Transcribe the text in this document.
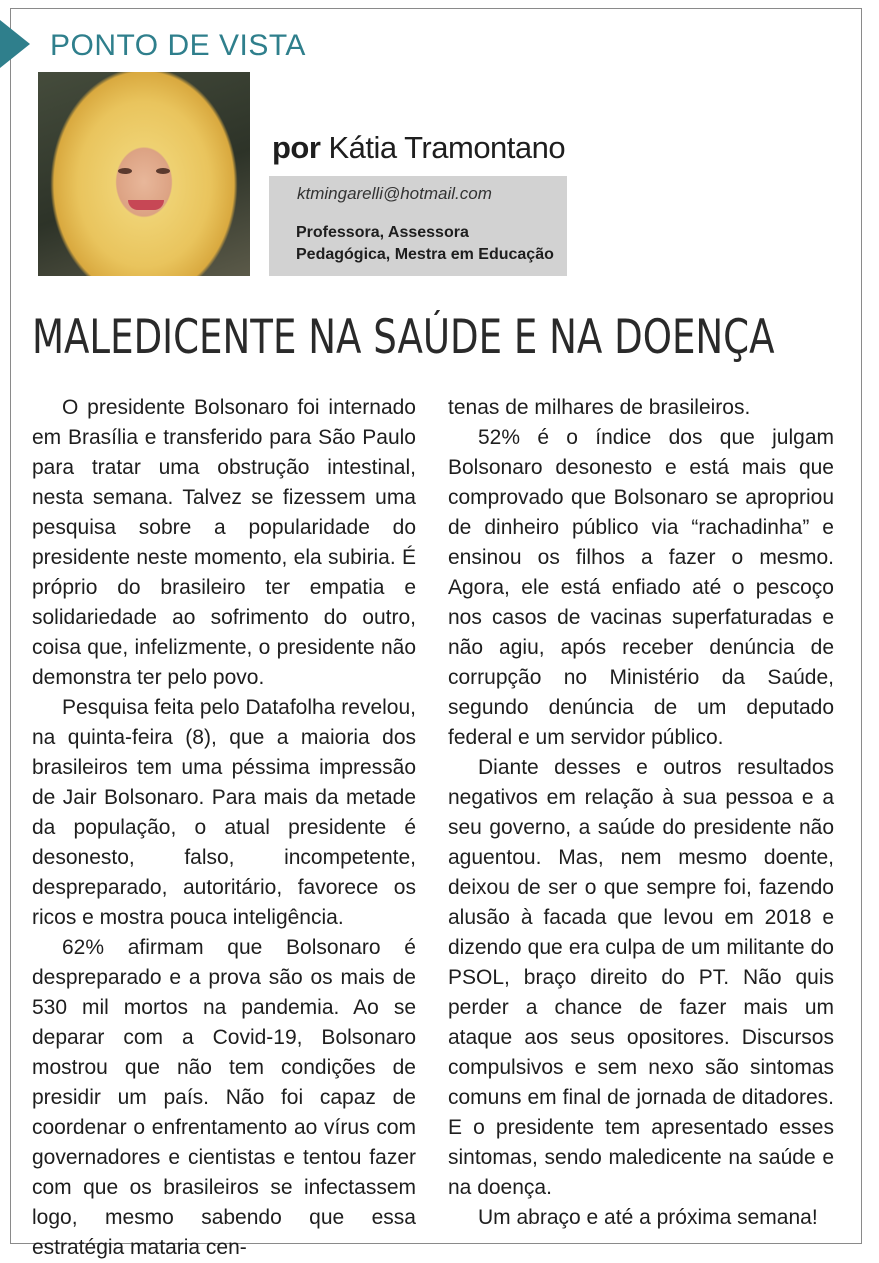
PONTO DE VISTA
por Kátia Tramontano
ktmingarelli@hotmail.com
Professora, Assessora
Pedagógica, Mestra em Educação
MALEDICENTE NA SAÚDE E NA DOENÇA

O presidente Bolsonaro foi internado em Brasília e transferido para São Paulo para tratar uma obstrução intestinal, nesta semana. Talvez se fizessem uma pesquisa sobre a popularidade do presidente neste momento, ela subiria. É próprio do brasileiro ter empatia e solidariedade ao sofrimento do outro, coisa que, infelizmente, o presidente não demonstra ter pelo povo.

Pesquisa feita pelo Datafolha revelou, na quinta-feira (8), que a maioria dos brasileiros tem uma péssima impressão de Jair Bolsonaro. Para mais da metade da população, o atual presidente é desonesto, falso, incompetente, despreparado, autoritário, favorece os ricos e mostra pouca inteligência.

62% afirmam que Bolsonaro é despreparado e a prova são os mais de 530 mil mortos na pandemia. Ao se deparar com a Covid-19, Bolsonaro mostrou que não tem condições de presidir um país. Não foi capaz de coordenar o enfrentamento ao vírus com governadores e cientistas e tentou fazer com que os brasileiros se infectassem logo, mesmo sabendo que essa estratégia mataria cen-

tenas de milhares de brasileiros.

52% é o índice dos que julgam Bolsonaro desonesto e está mais que comprovado que Bolsonaro se apropriou de dinheiro público via “rachadinha” e ensinou os filhos a fazer o mesmo. Agora, ele está enfiado até o pescoço nos casos de vacinas superfaturadas e não agiu, após receber denúncia de corrupção no Ministério da Saúde, segundo denúncia de um deputado federal e um servidor público.

Diante desses e outros resultados negativos em relação à sua pessoa e a seu governo, a saúde do presidente não aguentou. Mas, nem mesmo doente, deixou de ser o que sempre foi, fazendo alusão à facada que levou em 2018 e dizendo que era culpa de um militante do PSOL, braço direito do PT. Não quis perder a chance de fazer mais um ataque aos seus opositores. Discursos compulsivos e sem nexo são sintomas comuns em final de jornada de ditadores. E o presidente tem apresentado esses sintomas, sendo maledicente na saúde e na doença.

Um abraço e até a próxima semana!
